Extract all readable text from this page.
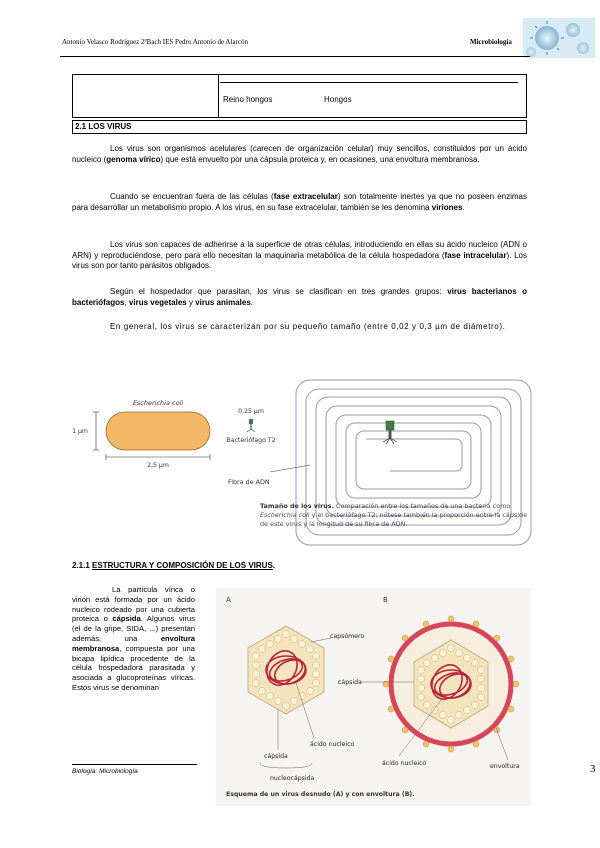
Antonio Velasco Rodríguez 2ºBach IES Pedro Antonio de Alarcón	Microbiología
Reino hongos	Hongos
2.1 LOS VIRUS

Los virus son organismos acelulares (carecen de organización celular) muy sencillos, constituidos por un ácido nucleico (genoma vírico) que está envuelto por una cápsula proteica y, en ocasiones, una envoltura membranosa.

Cuando se encuentran fuera de las células (fase extracelular) son totalmente inertes ya que no poseen enzimas para desarrollar un metabolismo propio. A los virus, en su fase extracelular, también se les denomina viriones.

Los virus son capaces de adherirse a la superficie de otras células, introduciendo en ellas su ácido nucleico (ADN o ARN) y reproduciéndose, pero para ello necesitan la maquinaria metabólica de la célula hospedadora (fase intracelular). Los virus son por tanto parásitos obligados.

Según el hospedador que parasitan, los virus se clasifican en tres grandes grupos: virus bacterianos o bacteriófagos, virus vegetales y virus animales.

En general, los virus se caracterizan por su pequeño tamaño (entre 0,02 y 0,3 µm de diámetro).

Escherichia coli
1 µm
2,5 µm
0,25 µm
Bacteriófago T2
Fibra de ADN
Tamaño de los virus. Comparación entre los tamaños de una bacteria como Escherichia coli y el bacteriófago T2; nótese también la proporción entre la cápside de este virus y la longitud de su fibra de ADN.
2.1.1 ESTRUCTURA Y COMPOSICIÓN DE LOS VIRUS.

La partícula vírica o virión está formada por un ácido nucleico rodeado por una cubierta proteica o cápsida. Algunos virus (el de la gripe, SIDA, ...) presentan además, una envoltura membranosa, compuesta por una bicapa lipídica procedente de la célula hospedadora parasitada y asociada a glucoproteínas víricas. Estos virus se denominan

A	B
capsómero
ácido nucleico
cápsida
nucleocápsida
cápsida
ácido nucleico	envoltura
Esquema de un virus desnudo (A) y con envoltura (B).
Biología: Microbiología	3
